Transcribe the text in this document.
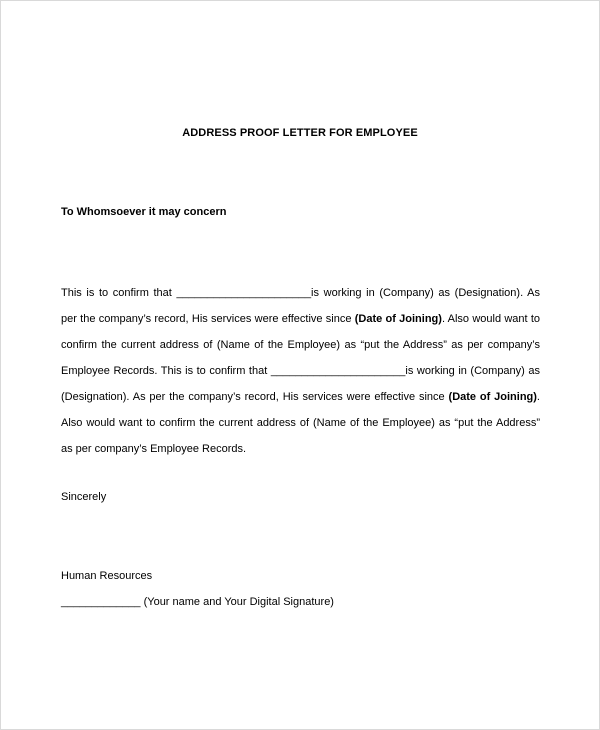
ADDRESS PROOF LETTER FOR EMPLOYEE
To Whomsoever it may concern
This is to confirm that ______________________is working in (Company) as (Designation). As per the company’s record, His services were effective since (Date of Joining). Also would want to confirm the current address of (Name of the Employee) as “put the Address” as per company’s Employee Records. This is to confirm that ______________________is working in (Company) as (Designation). As per the company’s record, His services were effective since (Date of Joining). Also would want to confirm the current address of (Name of the Employee) as “put the Address” as per company’s Employee Records.
Sincerely
Human Resources
_____________ (Your name and Your Digital Signature)
